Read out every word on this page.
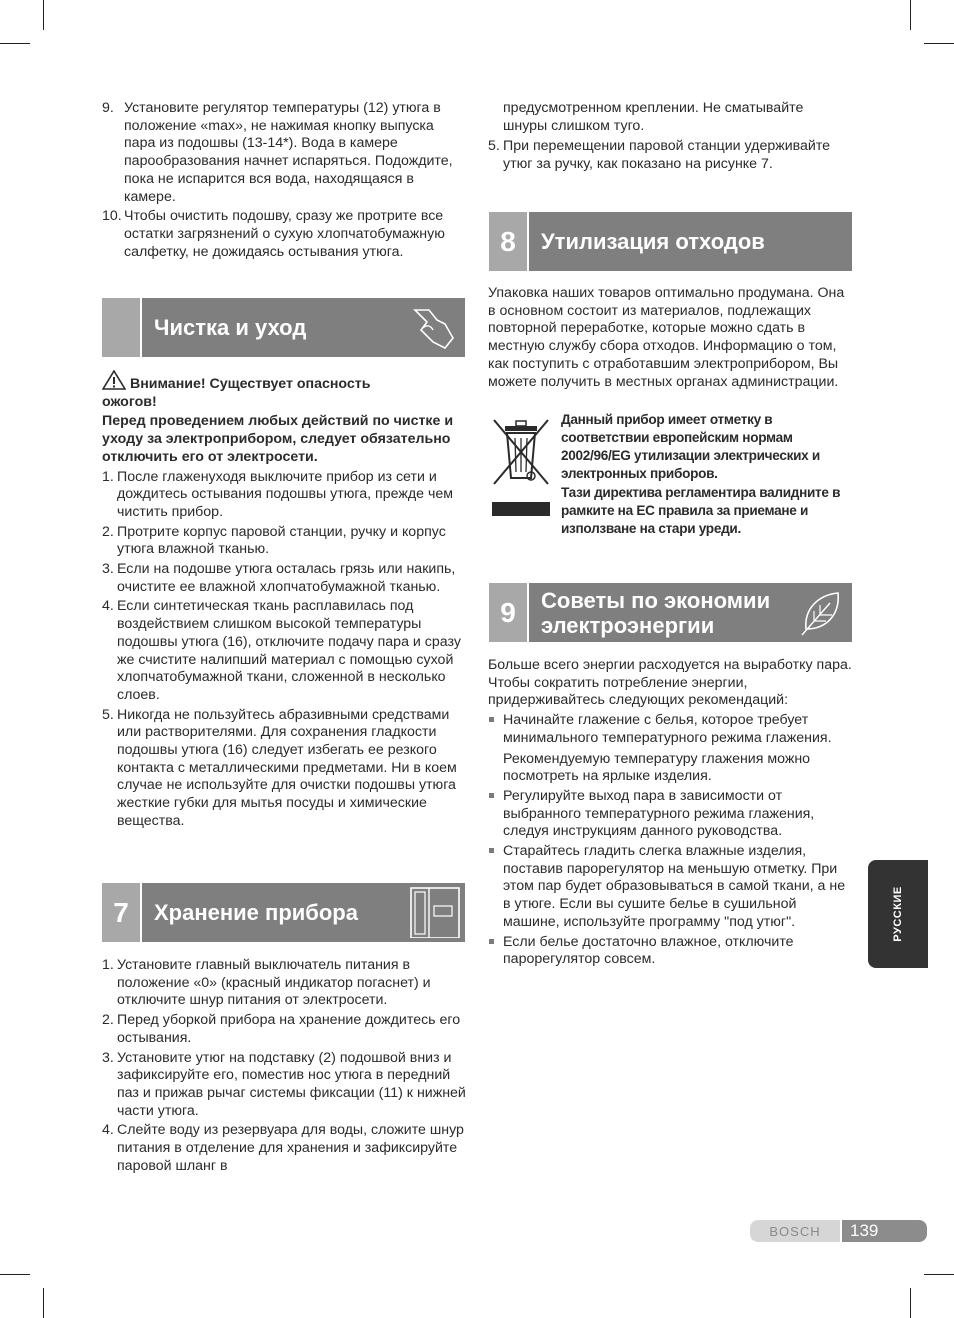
9. Установите регулятор температуры (12) утюга в положение «max», не нажимая кнопку выпуска пара из подошвы (13-14*). Вода в камере парообразования начнет испаряться. Подождите, пока не испарится вся вода, находящаяся в камере.

10. Чтобы очистить подошву, сразу же протрите все остатки загрязнений о сухую хлопчатобумажную салфетку, не дожидаясь остывания утюга.

Чистка и уход

Внимание! Существует опасность

ожогов!

Перед проведением любых действий по чистке и уходу за электроприбором, следует обязательно отключить его от электросети.

1. После глаженуходя выключите прибор из сети и дождитесь остывания подошвы утюга, прежде чем чистить прибор.

2. Протрите корпус паровой станции, ручку и корпус утюга влажной тканью.

3. Если на подошве утюга осталась грязь или накипь, очистите ее влажной хлопчатобумажной тканью.

4. Если синтетическая ткань расплавилась под воздействием слишком высокой температуры подошвы утюга (16), отключите подачу пара и сразу же счистите налипший материал с помощью сухой хлопчатобумажной ткани, сложенной в несколько слоев.

5. Никогда не пользуйтесь абразивными средствами или растворителями. Для сохранения гладкости подошвы утюга (16) следует избегать ее резкого контакта с металлическими предметами. Ни в коем случае не используйте для очистки подошвы утюга жесткие губки для мытья посуды и химические вещества.

7	Хранение прибора
1. Установите главный выключатель питания в положение «0» (красный индикатор погаснет) и отключите шнур питания от электросети.

2. Перед уборкой прибора на хранение дождитесь его остывания.

3. Установите утюг на подставку (2) подошвой вниз и зафиксируйте его, поместив нос утюга в передний паз и прижав рычаг системы фиксации (11) к нижней части утюга.

4. Слейте воду из резервуара для воды, сложите шнур питания в отделение для хранения и зафиксируйте паровой шланг в

предусмотренном креплении. Не сматывайте шнуры слишком туго.

5. При перемещении паровой станции удерживайте утюг за ручку, как показано на рисунке 7.

8	Утилизация отходов

Упаковка наших товаров оптимально продумана. Она в основном состоит из материалов, подлежащих повторной переработке, которые можно сдать в местную службу сбора отходов. Информацию о том, как поступить с отработавшим электроприбором, Вы можете получить в местных органах администрации.

Данный прибор имеет отметку в соответствии европейским нормам 2002/96/EG утилизации электрических и электронных приборов.

Тази директива регламентира валидните в рамките на ЕС правила за приемане и използване на стари уреди.

9	Советы по экономии
электроэнергии

Больше всего энергии расходуется на выработку пара. Чтобы сократить потребление энергии, придерживайтесь следующих рекомендаций:

Начинайте глажение с белья, которое требует минимального температурного режима глажения.

Рекомендуемую температуру глажения можно посмотреть на ярлыке изделия.

Регулируйте выход пара в зависимости от выбранного температурного режима глажения, следуя инструкциям данного руководства.

Старайтесь гладить слегка влажные изделия, поставив парорегулятор на меньшую отметку. При этом пар будет образовываться в самой ткани, а не в утюге. Если вы сушите белье в сушильной машине, используйте программу "под утюг".

Если белье достаточно влажное, отключите парорегулятор совсем.

РУССКИЕ
BOSCH	139
